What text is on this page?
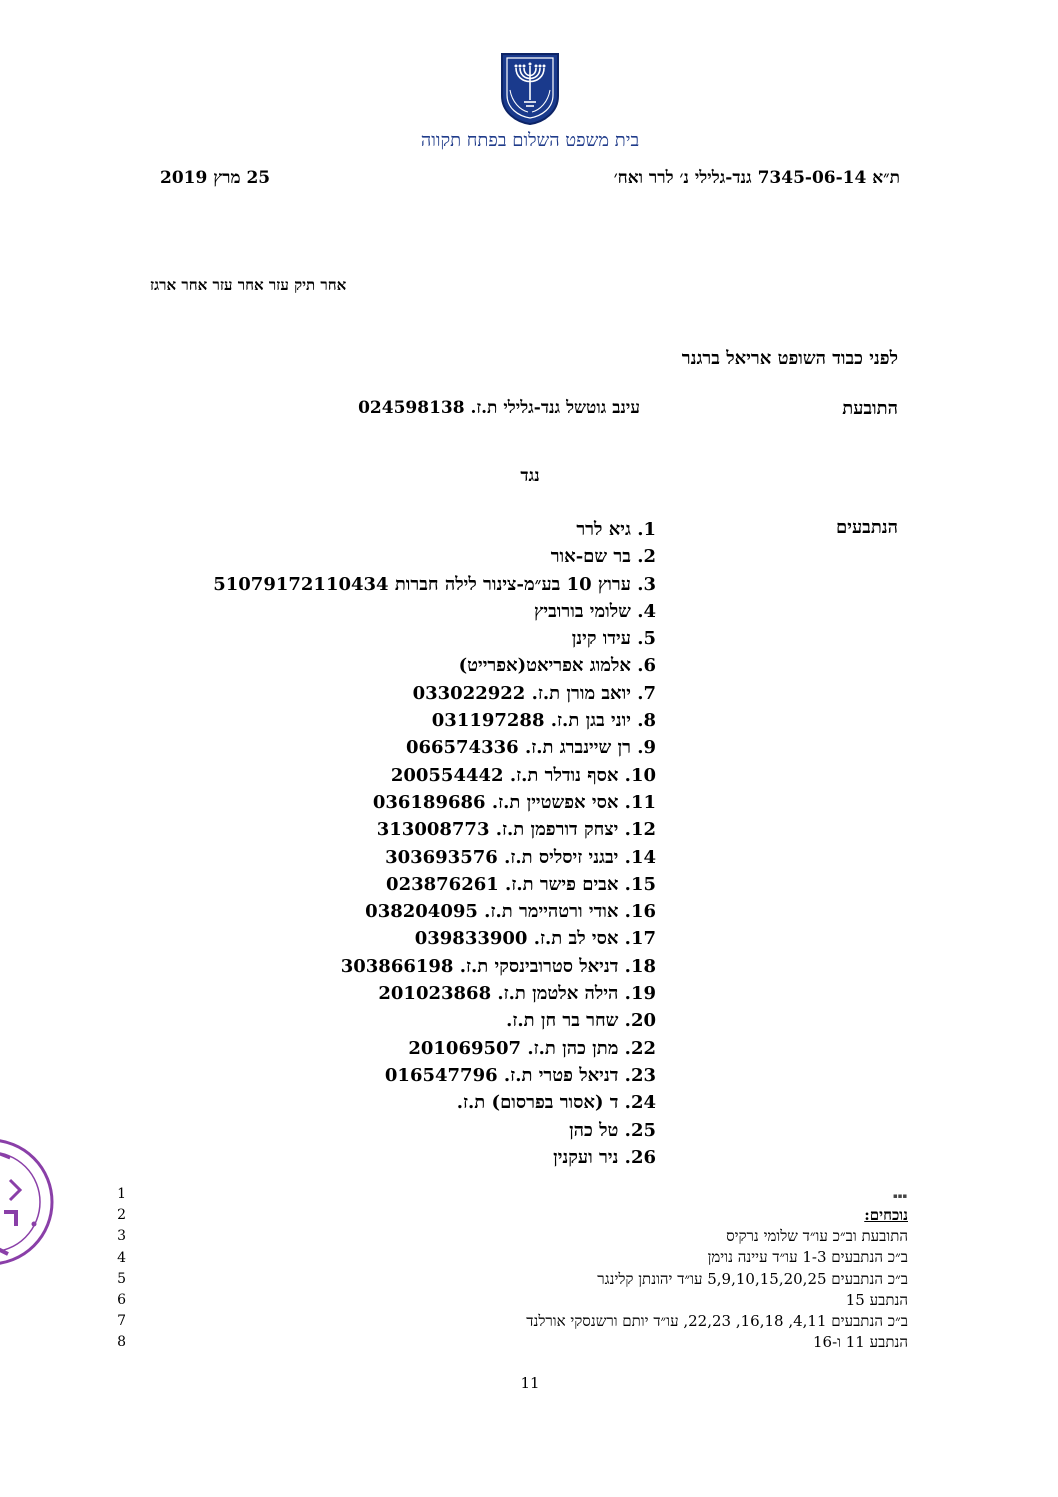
בית משפט השלום בפתח תקווה
ת״א 7345-06-14 גנד-גלילי נ׳ לרר ואח׳
25 מרץ 2019
אחר תיק עזר אחר עזר אחר ארגז
לפני כבוד השופט אריאל ברגנר
התובעת
עינב גוטשל גנד-גלילי ת.ז. 024598138
נגד
הנתבעים
1. גיא לרר
2. בר שם-אור
3. ערוץ 10 בע״מ-צינור לילה חברות 51079172110434
4. שלומי בורוביץ
5. עידו קינן
6. אלמוג אפריאט(אפרייט)
7. יואב מורן ת.ז. 033022922
8. יוני בגן ת.ז. 031197288
9. רן שיינברג ת.ז. 066574336
10. אסף נודלר ת.ז. 200554442
11. אסי אפשטיין ת.ז. 036189686
12. יצחק דורפמן ת.ז. 313008773
14. יבגני זיסליס ת.ז. 303693576
15. אבים פישר ת.ז. 023876261
16. אודי ורטהיימר ת.ז. 038204095
17. אסי לב ת.ז. 039833900
18. דניאל סטרובינסקי ת.ז. 303866198
19. הילה אלטמן ת.ז. 201023868
20. שחר בר חן ת.ז.
22. מתן כהן ת.ז. 201069507
23. דניאל פטרי ת.ז. 016547796
24. ד (אסור בפרסום) ת.ז.
25. טל כהן
26. ניר ועקנין
▪▪▪
1
2
3
4
5
6
7
8
נוכחים:
התובעת וב״כ עו״ד שלומי נרקיס
ב״כ הנתבעים 1-3 עו״ד עיינה נוימן
ב״כ הנתבעים 5,9,10,15,20,25 עו״ד יהונתן קלינגר
הנתבע 15
ב״כ הנתבעים 4,11, 16,18, 22,23, עו״ד יותם ורשנסקי אורלנד
הנתבע 11 ו-16
11
